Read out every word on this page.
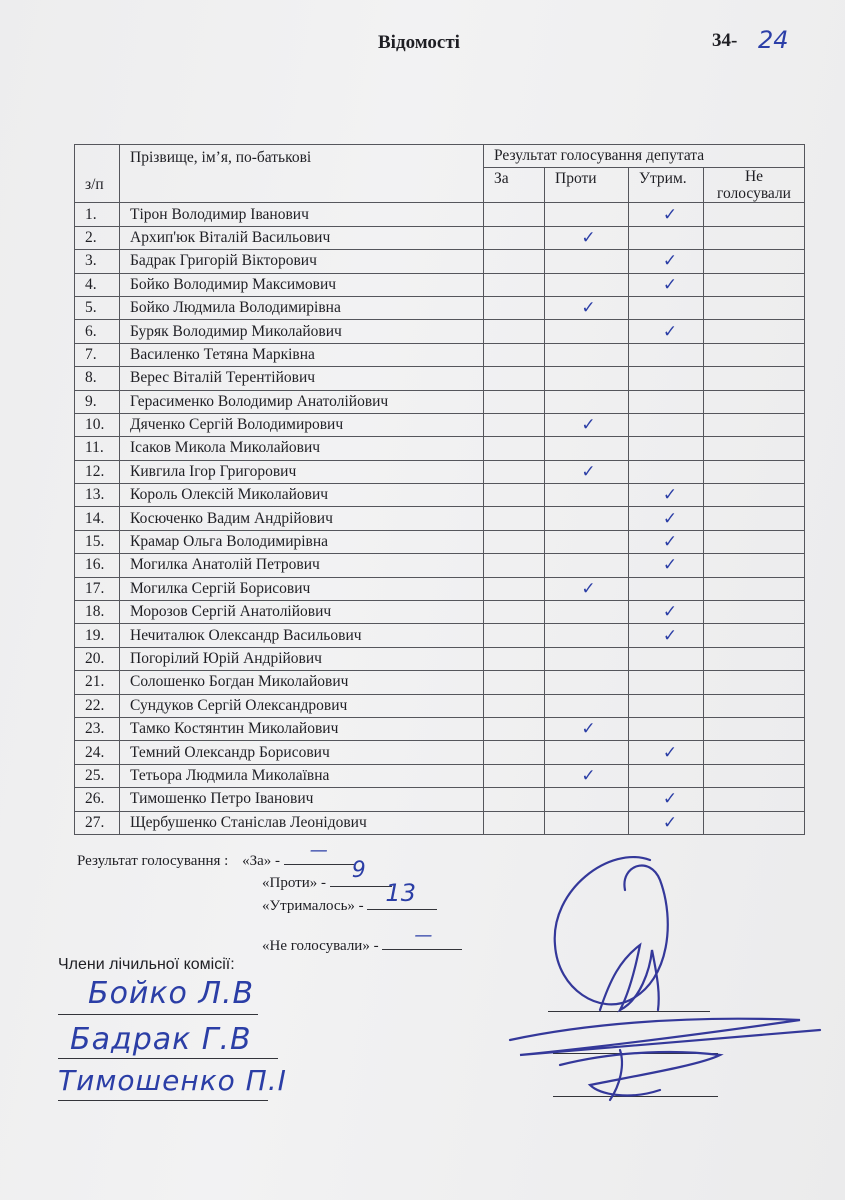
Відомості	34- 24
з/п	Прізвище, ім’я, по-батькові	Результат голосування депутата			
		За	Проти	Утрим.	Не
голосували

1.	Тірон Володимир Іванович			✓	
2.	Архип'юк Віталій Васильович		✓		
3.	Бадрак Григорій Вікторович			✓	
4.	Бойко Володимир Максимович			✓	
5.	Бойко Людмила Володимирівна		✓		
6.	Буряк Володимир Миколайович			✓	
7.	Василенко Тетяна Марківна				
8.	Верес Віталій Терентійович				
9.	Герасименко Володимир Анатолійович				
10.	Дяченко Сергій Володимирович		✓		
11.	Ісаков Микола Миколайович				
12.	Кивгила Ігор Григорович		✓		
13.	Король Олексій Миколайович			✓	
14.	Косюченко Вадим Андрійович			✓	
15.	Крамар Ольга Володимирівна			✓	
16.	Могилка Анатолій Петрович			✓	
17.	Могилка Сергій Борисович		✓		
18.	Морозов Сергій Анатолійович			✓	
19.	Нечиталюк Олександр Васильович			✓	
20.	Погорілий Юрій Андрійович				
21.	Солошенко Богдан Миколайович				
22.	Сундуков Сергій Олександрович				
23.	Тамко Костянтин Миколайович		✓		
24.	Темний Олександр Борисович			✓	
25.	Тетьора Людмила Миколаївна		✓		
26.	Тимошенко Петро Іванович			✓	
27.	Щербушенко Станіслав Леонідович			✓	
Результат голосування : «За» - —
«Проти» - 9
«Утрималось» - 13
«Не голосували» - —
Члени лічильної комісії:
Бойко Л.В
Бадрак Г.В
Тимошенко П.І
